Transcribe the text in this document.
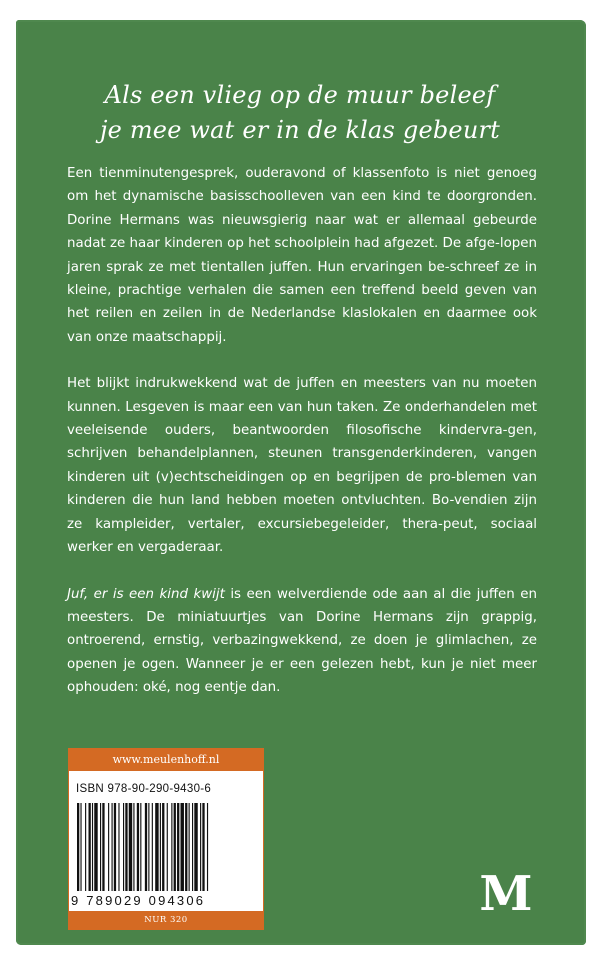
Als een vlieg op de muur beleef
je mee wat er in de klas gebeurt

Een tienminutengesprek, ouderavond of klassenfoto is niet genoeg om het dynamische basisschoolleven van een kind te doorgronden. Dorine Hermans was nieuwsgierig naar wat er allemaal gebeurde nadat ze haar kinderen op het schoolplein had afgezet. De afge-lopen jaren sprak ze met tientallen juffen. Hun ervaringen be-schreef ze in kleine, prachtige verhalen die samen een treffend beeld geven van het reilen en zeilen in de Nederlandse klaslokalen en daarmee ook van onze maatschappij.

Het blijkt indrukwekkend wat de juffen en meesters van nu moeten kunnen. Lesgeven is maar een van hun taken. Ze onderhandelen met veeleisende ouders, beantwoorden filosofische kindervra-gen, schrijven behandelplannen, steunen transgenderkinderen, vangen kinderen uit (v)echtscheidingen op en begrijpen de pro-blemen van kinderen die hun land hebben moeten ontvluchten. Bo-vendien zijn ze kampleider, vertaler, excursiebegeleider, thera-peut, sociaal werker en vergaderaar.

Juf, er is een kind kwijt is een welverdiende ode aan al die juffen en meesters. De miniatuurtjes van Dorine Hermans zijn grappig, ontroerend, ernstig, verbazingwekkend, ze doen je glimlachen, ze openen je ogen. Wanneer je er een gelezen hebt, kun je niet meer ophouden: oké, nog eentje dan.

www.meulenhoff.nl
ISBN 978-90-290-9430-6
9 789029 094306
NUR 320	M
